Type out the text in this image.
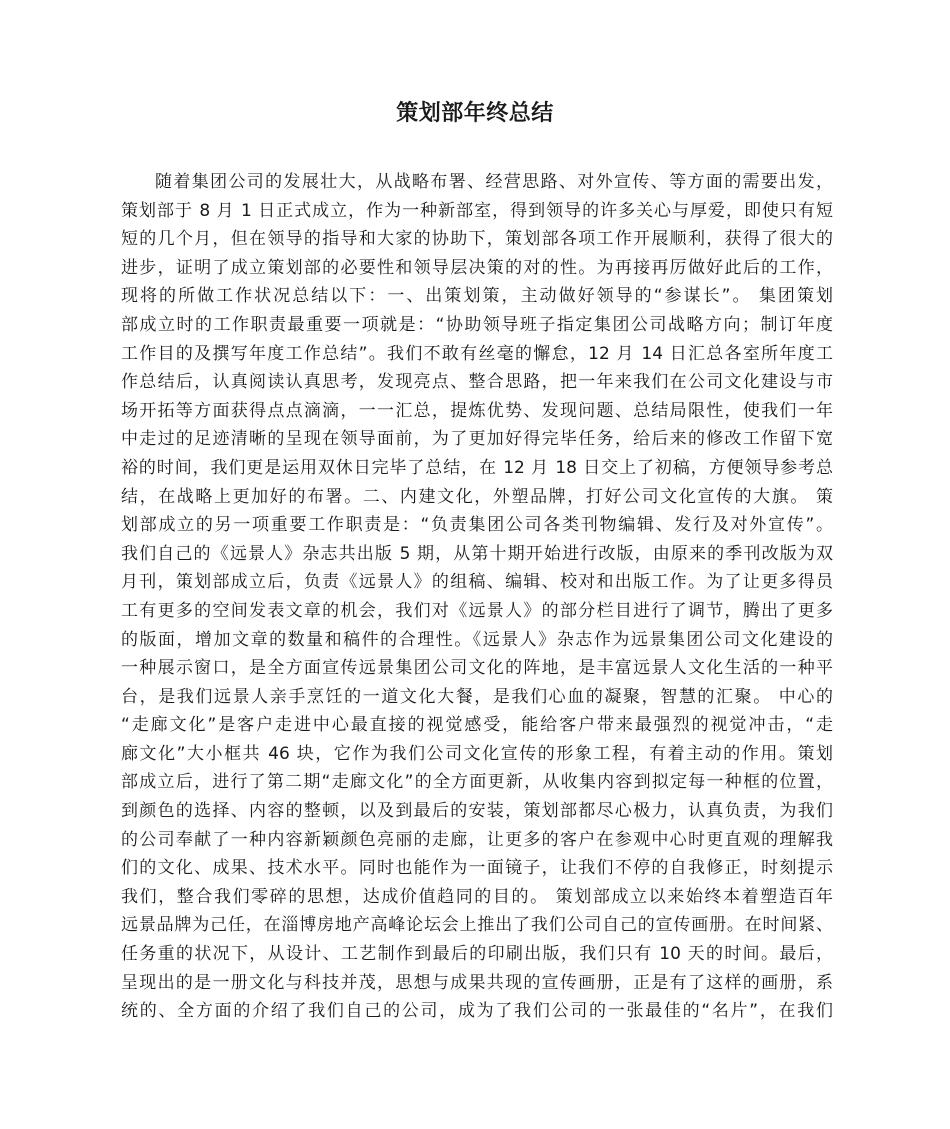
策划部年终总结
随着集团公司的发展壮大，从战略布署、经营思路、对外宣传、等方面的需要出发，
策划部于 8 月 1 日正式成立，作为一种新部室，得到领导的许多关心与厚爱，即使只有短
短的几个月，但在领导的指导和大家的协助下，策划部各项工作开展顺利，获得了很大的
进步，证明了成立策划部的必要性和领导层决策的对的性。为再接再厉做好此后的工作，
现将的所做工作状况总结以下：一、出策划策，主动做好领导的“参谋长”。 集团策划
部成立时的工作职责最重要一项就是：“协助领导班子指定集团公司战略方向；制订年度
工作目的及撰写年度工作总结”。我们不敢有丝毫的懈怠，12 月 14 日汇总各室所年度工
作总结后，认真阅读认真思考，发现亮点、整合思路，把一年来我们在公司文化建设与市
场开拓等方面获得点点滴滴，一一汇总，提炼优势、发现问题、总结局限性，使我们一年
中走过的足迹清晰的呈现在领导面前，为了更加好得完毕任务，给后来的修改工作留下宽
裕的时间，我们更是运用双休日完毕了总结，在 12 月 18 日交上了初稿，方便领导参考总
结，在战略上更加好的布署。二、内建文化，外塑品牌，打好公司文化宣传的大旗。 策
划部成立的另一项重要工作职责是：“负责集团公司各类刊物编辑、发行及对外宣传”。
我们自己的《远景人》杂志共出版 5 期，从第十期开始进行改版，由原来的季刊改版为双
月刊，策划部成立后，负责《远景人》的组稿、编辑、校对和出版工作。为了让更多得员
工有更多的空间发表文章的机会，我们对《远景人》的部分栏目进行了调节，腾出了更多
的版面，增加文章的数量和稿件的合理性。《远景人》杂志作为远景集团公司文化建设的
一种展示窗口，是全方面宣传远景集团公司文化的阵地，是丰富远景人文化生活的一种平
台，是我们远景人亲手烹饪的一道文化大餐，是我们心血的凝聚，智慧的汇聚。 中心的
“走廊文化”是客户走进中心最直接的视觉感受，能给客户带来最强烈的视觉冲击，“走
廊文化”大小框共 46 块，它作为我们公司文化宣传的形象工程，有着主动的作用。策划
部成立后，进行了第二期“走廊文化”的全方面更新，从收集内容到拟定每一种框的位置，
到颜色的选择、内容的整顿，以及到最后的安装，策划部都尽心极力，认真负责，为我们
的公司奉献了一种内容新颖颜色亮丽的走廊，让更多的客户在参观中心时更直观的理解我
们的文化、成果、技术水平。同时也能作为一面镜子，让我们不停的自我修正，时刻提示
我们，整合我们零碎的思想，达成价值趋同的目的。 策划部成立以来始终本着塑造百年
远景品牌为己任，在淄博房地产高峰论坛会上推出了我们公司自己的宣传画册。在时间紧、
任务重的状况下，从设计、工艺制作到最后的印刷出版，我们只有 10 天的时间。最后，
呈现出的是一册文化与科技并茂，思想与成果共现的宣传画册，正是有了这样的画册，系
统的、全方面的介绍了我们自己的公司，成为了我们公司的一张最佳的“名片”，在我们
